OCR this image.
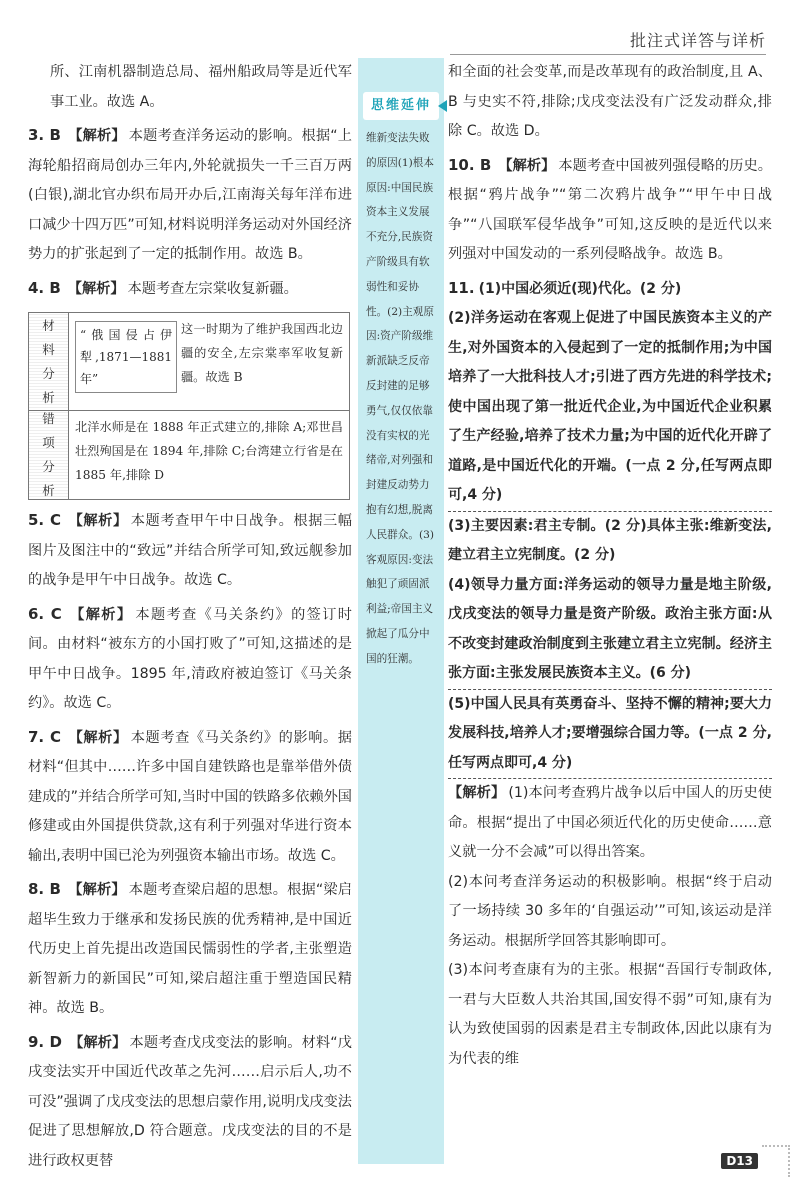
批注式详答与详析

所、江南机器制造总局、福州船政局等是近代军事工业。故选 A。

3. B 【解析】 本题考查洋务运动的影响。根据“上海轮船招商局创办三年内,外轮就损失一千三百万两(白银),湖北官办织布局开办后,江南海关每年洋布进口减少十四万匹”可知,材料说明洋务运动对外国经济势力的扩张起到了一定的抵制作用。故选 B。

4. B 【解析】 本题考查左宗棠收复新疆。

材料分析
“俄国侵占伊犁,1871—1881 年”
这一时期为了维护我国西北边疆的安全,左宗棠率军收复新疆。故选 B
错项分析
北洋水师是在 1888 年正式建立的,排除 A;邓世昌壮烈殉国是在 1894 年,排除 C;台湾建立行省是在 1885 年,排除 D

5. C 【解析】 本题考查甲午中日战争。根据三幅图片及图注中的“致远”并结合所学可知,致远舰参加的战争是甲午中日战争。故选 C。

6. C 【解析】 本题考查《马关条约》的签订时间。由材料“被东方的小国打败了”可知,这描述的是甲午中日战争。1895 年,清政府被迫签订《马关条约》。故选 C。

7. C 【解析】 本题考查《马关条约》的影响。据材料“但其中……许多中国自建铁路也是靠举借外债建成的”并结合所学可知,当时中国的铁路多依赖外国修建或由外国提供贷款,这有利于列强对华进行资本输出,表明中国已沦为列强资本输出市场。故选 C。

8. B 【解析】 本题考查梁启超的思想。根据“梁启超毕生致力于继承和发扬民族的优秀精神,是中国近代历史上首先提出改造国民懦弱性的学者,主张塑造新智新力的新国民”可知,梁启超注重于塑造国民精神。故选 B。

9. D 【解析】 本题考查戊戌变法的影响。材料“戊戌变法实开中国近代改革之先河……启示后人,功不可没”强调了戊戌变法的思想启蒙作用,说明戊戌变法促进了思想解放,D 符合题意。戊戌变法的目的不是进行政权更替

思维延伸
维新变法失败的原因(1)根本原因:中国民族资本主义发展不充分,民族资产阶级具有软弱性和妥协性。(2)主观原因:资产阶级维新派缺乏反帝反封建的足够勇气,仅仅依靠没有实权的光绪帝,对列强和封建反动势力抱有幻想,脱离人民群众。(3)客观原因:变法触犯了顽固派利益;帝国主义掀起了瓜分中国的狂潮。

和全面的社会变革,而是改革现有的政治制度,且 A、B 与史实不符,排除;戊戌变法没有广泛发动群众,排除 C。故选 D。

10. B 【解析】 本题考查中国被列强侵略的历史。根据“鸦片战争”“第二次鸦片战争”“甲午中日战争”“八国联军侵华战争”可知,这反映的是近代以来列强对中国发动的一系列侵略战争。故选 B。

11. (1)中国必须近(现)代化。(2 分)

(2)洋务运动在客观上促进了中国民族资本主义的产生,对外国资本的入侵起到了一定的抵制作用;为中国培养了一大批科技人才;引进了西方先进的科学技术;使中国出现了第一批近代企业,为中国近代企业积累了生产经验,培养了技术力量;为中国的近代化开辟了道路,是中国近代化的开端。(一点 2 分,任写两点即可,4 分)

(3)主要因素:君主专制。(2 分)具体主张:维新变法,建立君主立宪制度。(2 分)

(4)领导力量方面:洋务运动的领导力量是地主阶级,戊戌变法的领导力量是资产阶级。政治主张方面:从不改变封建政治制度到主张建立君主立宪制。经济主张方面:主张发展民族资本主义。(6 分)

(5)中国人民具有英勇奋斗、坚持不懈的精神;要大力发展科技,培养人才;要增强综合国力等。(一点 2 分,任写两点即可,4 分)

【解析】 (1)本问考查鸦片战争以后中国人的历史使命。根据“提出了中国必须近代化的历史使命……意义就一分不会减”可以得出答案。

(2)本问考查洋务运动的积极影响。根据“终于启动了一场持续 30 多年的‘自强运动’”可知,该运动是洋务运动。根据所学回答其影响即可。

(3)本问考查康有为的主张。根据“吾国行专制政体,一君与大臣数人共治其国,国安得不弱”可知,康有为认为致使国弱的因素是君主专制政体,因此以康有为为代表的维

D13
